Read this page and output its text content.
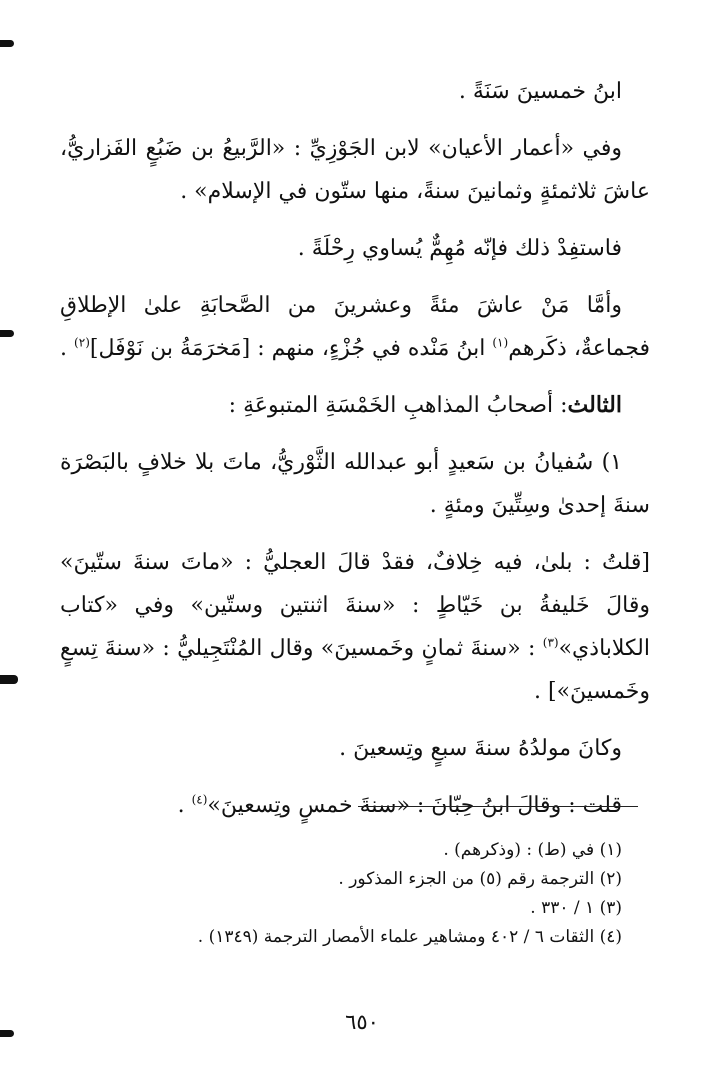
ابنُ خمسينَ سَنَةً .

وفي «أعمار الأعيان» لابن الجَوْزِيِّ : «الرَّبيعُ بن ضَبُعٍ الفَزاريُّ، عاشَ ثلاثمئةٍ وثمانينَ سنةً، منها ستّون في الإسلام» .

فاستفِدْ ذلك فإنّه مُهِمٌّ يُساوي رِحْلَةً .

وأمَّا مَنْ عاشَ مئةً وعشرينَ من الصَّحابَةِ علىٰ الإطلاقِ فجماعةٌ، ذكَرهم$^{(١)}$ ابنُ مَنْده في جُزْءٍ، منهم : [مَخرَمَةُ بن نَوْفَل]$^{(٢)}$ .

الثالث: أصحابُ المذاهبِ الخَمْسَةِ المتبوعَةِ :

١) سُفيانُ بن سَعيدٍ أبو عبدالله الثَّوْريُّ، ماتَ بلا خلافٍ بالبَصْرَة سنةَ إحدىٰ وسِتِّينَ ومئةٍ .

[قلتُ : بلىٰ، فيه خِلافٌ، فقدْ قالَ العجليُّ : «ماتَ سنةَ ستّينَ» وقالَ خَليفةُ بن خَيّاطٍ : «سنةَ اثنتين وستّين» وفي «كتاب الكلاباذي»$^{(٣)}$ : «سنةَ ثمانٍ وخَمسينَ» وقال المُنْتَجِيليُّ : «سنةَ تِسعٍ وخَمسينَ»] .

وكانَ مولدُهُ سنةَ سبعٍ وتِسعينَ .

قلت : وقالَ ابنُ حِبّانَ : «سنةَ خمسٍ وتِسعينَ»$^{(٤)}$ .

(١) في (ط) : (وذكرهم) .
(٢) الترجمة رقم (٥) من الجزء المذكور .
(٣) ١ / ٣٣٠ .
(٤) الثقات ٦ / ٤٠٢ ومشاهير علماء الأمصار الترجمة (١٣٤٩) .
٦٥٠
